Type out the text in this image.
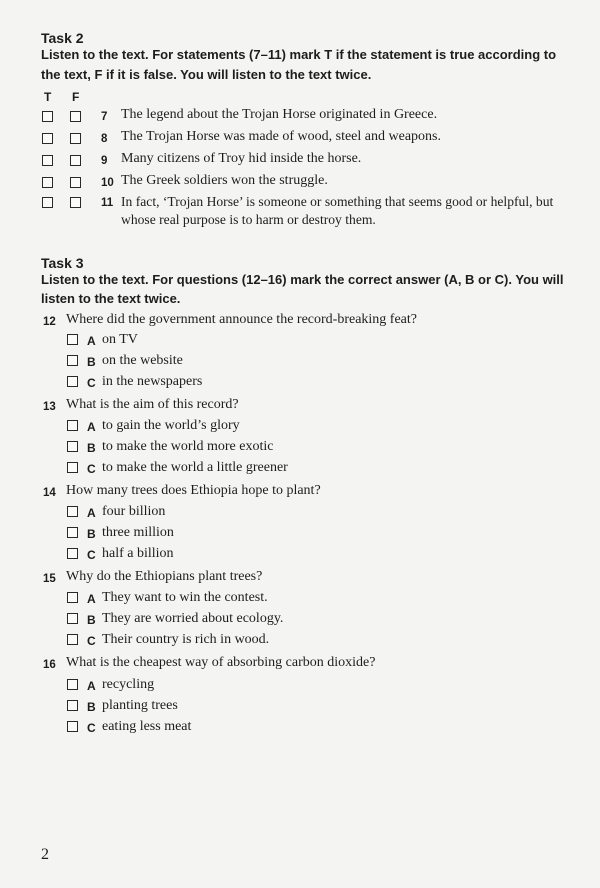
Task 2
Listen to the text. For statements (7–11) mark T if the statement is true according to
the text, F if it is false. You will listen to the text twice.
T F
7 The legend about the Trojan Horse originated in Greece.
8 The Trojan Horse was made of wood, steel and weapons.
9 Many citizens of Troy hid inside the horse.
10 The Greek soldiers won the struggle.
11 In fact, ‘Trojan Horse’ is someone or something that seems good or helpful, but
whose real purpose is to harm or destroy them.
Task 3
Listen to the text. For questions (12–16) mark the correct answer (A, B or C). You will
listen to the text twice.
12 Where did the government announce the record-breaking feat?
A on TV
B on the website
C in the newspapers
13 What is the aim of this record?
A to gain the world’s glory
B to make the world more exotic
C to make the world a little greener
14 How many trees does Ethiopia hope to plant?
A four billion
B three million
C half a billion
15 Why do the Ethiopians plant trees?
A They want to win the contest.
B They are worried about ecology.
C Their country is rich in wood.
16 What is the cheapest way of absorbing carbon dioxide?
A recycling
B planting trees
C eating less meat
2
